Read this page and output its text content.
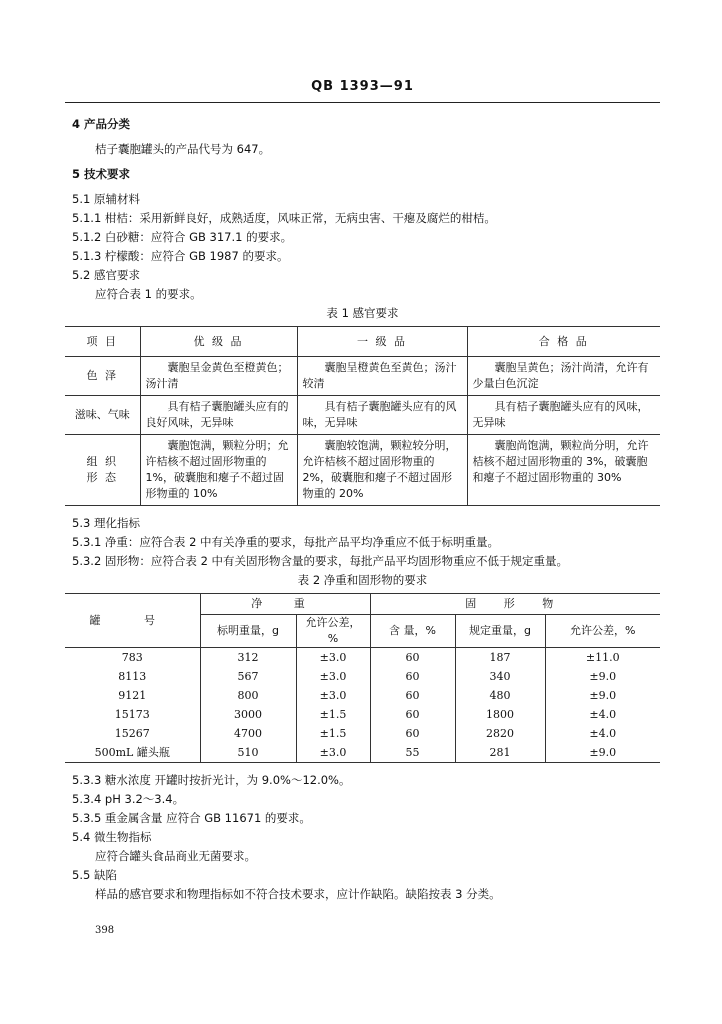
QB 1393—91
4 产品分类
桔子囊胞罐头的产品代号为 647。
5 技术要求
5.1 原辅材料
5.1.1 柑桔：采用新鲜良好，成熟适度，风味正常，无病虫害、干瘪及腐烂的柑桔。
5.1.2 白砂糖：应符合 GB 317.1 的要求。
5.1.3 柠檬酸：应符合 GB 1987 的要求。
5.2 感官要求
应符合表 1 的要求。
表 1 感官要求
项 目	优 级 品	一 级 品	合 格 品
色 泽	囊胞呈金黄色至橙黄色；汤汁清	囊胞呈橙黄色至黄色；汤汁较清	囊胞呈黄色；汤汁尚清，允许有少量白色沉淀
滋味、气味	具有桔子囊胞罐头应有的良好风味，无异味	具有桔子囊胞罐头应有的风味，无异味	具有桔子囊胞罐头应有的风味，无异味
组 织 形 态	囊胞饱满，颗粒分明；允许桔核不超过固形物重的 1%，破囊胞和瘪子不超过固形物重的 10%	囊胞较饱满，颗粒较分明，允许桔核不超过固形物重的 2%，破囊胞和瘪子不超过固形物重的 20%	囊胞尚饱满，颗粒尚分明，允许桔核不超过固形物重的 3%，破囊胞和瘪子不超过固形物重的 30%
5.3 理化指标
5.3.1 净重：应符合表 2 中有关净重的要求，每批产品平均净重应不低于标明重量。
5.3.2 固形物：应符合表 2 中有关固形物含量的要求，每批产品平均固形物重应不低于规定重量。
表 2 净重和固形物的要求
罐 号	净 重		固 形 物		
	标明重量，g	允许公差，%	含 量，%	规定重量，g	允许公差，%
783	312	±3.0	60	187	±11.0
8113	567	±3.0	60	340	±9.0
9121	800	±3.0	60	480	±9.0
15173	3000	±1.5	60	1800	±4.0
15267	4700	±1.5	60	2820	±4.0
500mL 罐头瓶	510	±3.0	55	281	±9.0
5.3.3 糖水浓度 开罐时按折光计，为 9.0%～12.0%。
5.3.4 pH 3.2～3.4。
5.3.5 重金属含量 应符合 GB 11671 的要求。
5.4 微生物指标
应符合罐头食品商业无菌要求。
5.5 缺陷
样品的感官要求和物理指标如不符合技术要求，应计作缺陷。缺陷按表 3 分类。
398
